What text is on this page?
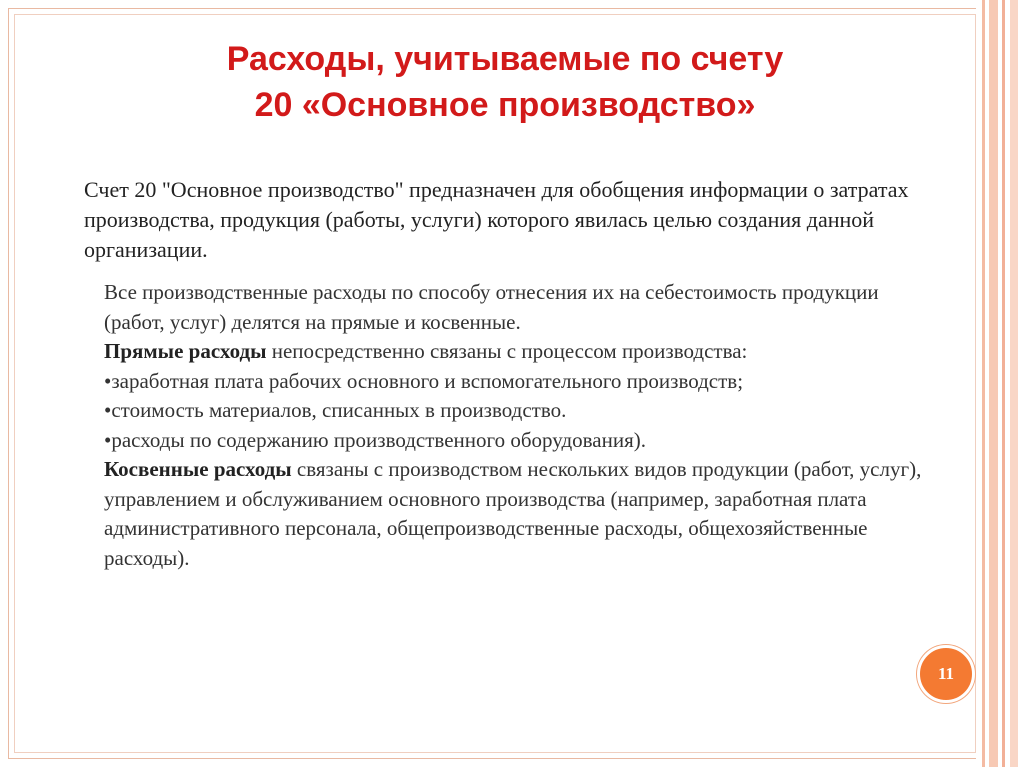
Расходы, учитываемые по счету
20 «Основное производство»

Счет 20 "Основное производство" предназначен для обобщения информации о затратах производства, продукция (работы, услуги) которого явилась целью создания данной организации.

Все производственные расходы по способу отнесения их на себестоимость продукции (работ, услуг) делятся на прямые и косвенные.

Прямые расходы непосредственно связаны с процессом производства:

•заработная плата рабочих основного и вспомогательного производств;

•стоимость материалов, списанных в производство.

•расходы по содержанию производственного оборудования).

Косвенные расходы связаны с производством нескольких видов продукции (работ, услуг), управлением и обслуживанием основного производства (например, заработная плата административного персонала, общепроизводственные расходы, общехозяйственные расходы).

11
